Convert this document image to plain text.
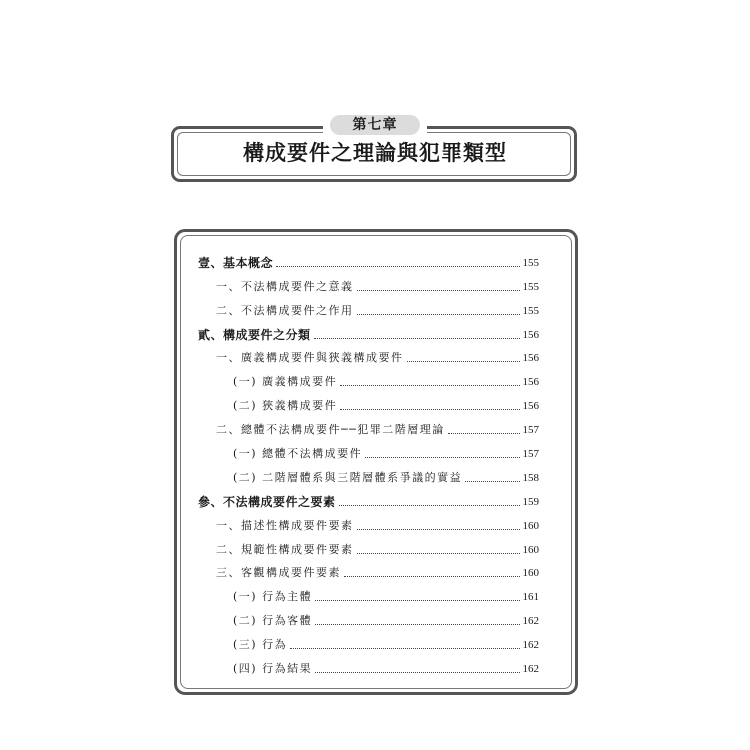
第七章
構成要件之理論與犯罪類型
壹、基本概念	155
一、不法構成要件之意義	155
二、不法構成要件之作用	155
貳、構成要件之分類	156
一、廣義構成要件與狹義構成要件	156
(一) 廣義構成要件	156
(二) 狹義構成要件	156
二、總體不法構成要件──犯罪二階層理論	157
(一) 總體不法構成要件	157
(二) 二階層體系與三階層體系爭議的實益	158
參、不法構成要件之要素	159
一、描述性構成要件要素	160
二、規範性構成要件要素	160
三、客觀構成要件要素	160
(一) 行為主體	161
(二) 行為客體	162
(三) 行為	162
(四) 行為結果	162
